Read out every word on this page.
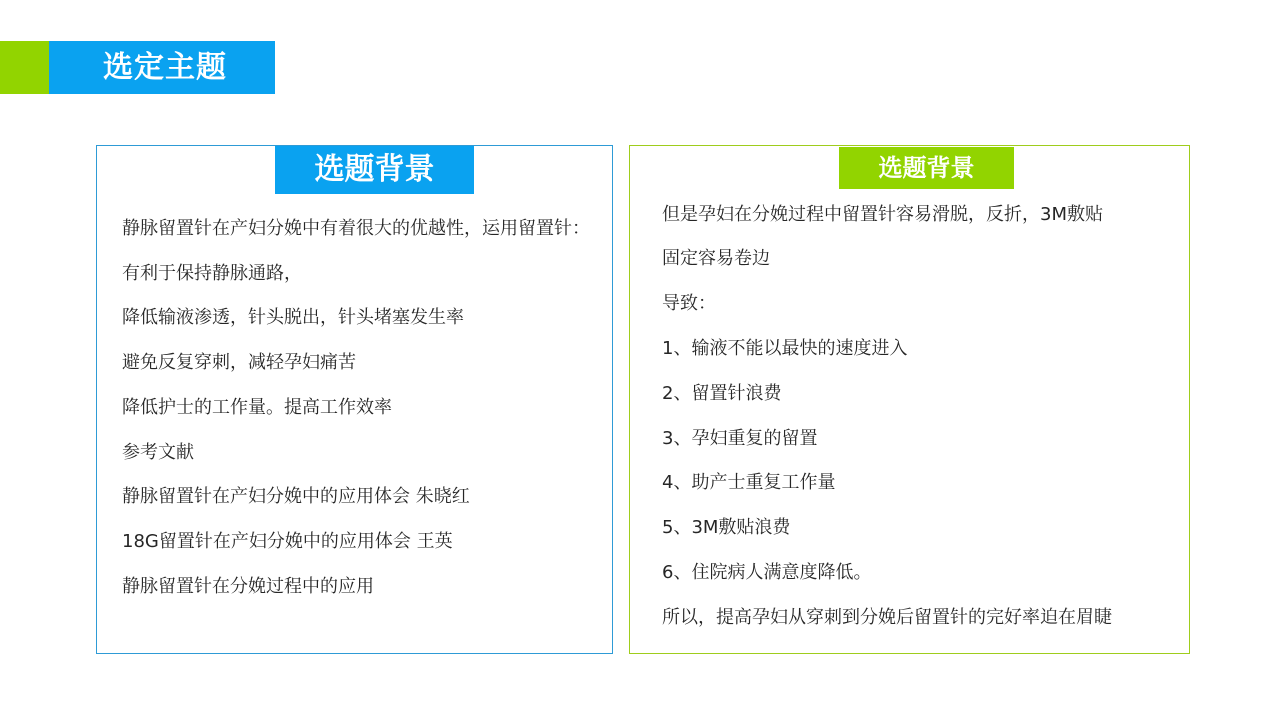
选定主题
选题背景
静脉留置针在产妇分娩中有着很大的优越性，运用留置针：
有利于保持静脉通路，
降低输液渗透，针头脱出，针头堵塞发生率
避免反复穿刺，减轻孕妇痛苦
降低护士的工作量。提高工作效率
参考文献
静脉留置针在产妇分娩中的应用体会 朱晓红
18G留置针在产妇分娩中的应用体会 王英
静脉留置针在分娩过程中的应用
选题背景
但是孕妇在分娩过程中留置针容易滑脱，反折，3M敷贴
固定容易卷边
导致：
1、输液不能以最快的速度进入
2、留置针浪费
3、孕妇重复的留置
4、助产士重复工作量
5、3M敷贴浪费
6、住院病人满意度降低。
所以，提高孕妇从穿刺到分娩后留置针的完好率迫在眉睫
